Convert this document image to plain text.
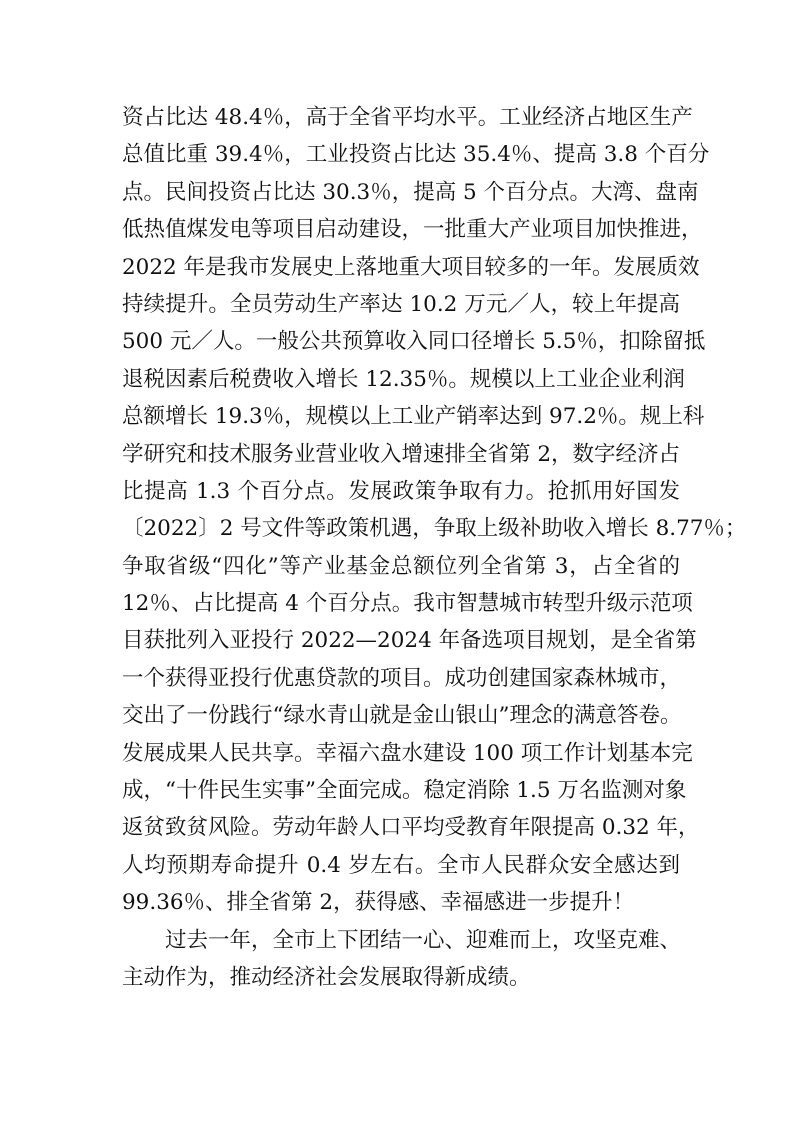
资占比达 48.4％，高于全省平均水平。工业经济占地区生产
总值比重 39.4％，工业投资占比达 35.4％、提高 3.8 个百分
点。民间投资占比达 30.3％，提高 5 个百分点。大湾、盘南
低热值煤发电等项目启动建设，一批重大产业项目加快推进，
2022 年是我市发展史上落地重大项目较多的一年。发展质效
持续提升。全员劳动生产率达 10.2 万元／人，较上年提高
500 元／人。一般公共预算收入同口径增长 5.5％，扣除留抵
退税因素后税费收入增长 12.35％。规模以上工业企业利润
总额增长 19.3％，规模以上工业产销率达到 97.2％。规上科
学研究和技术服务业营业收入增速排全省第 2，数字经济占
比提高 1.3 个百分点。发展政策争取有力。抢抓用好国发
〔2022〕2 号文件等政策机遇，争取上级补助收入增长 8.77％；
争取省级“四化”等产业基金总额位列全省第 3，占全省的
12％、占比提高 4 个百分点。我市智慧城市转型升级示范项
目获批列入亚投行 2022—2024 年备选项目规划，是全省第
一个获得亚投行优惠贷款的项目。成功创建国家森林城市，
交出了一份践行“绿水青山就是金山银山”理念的满意答卷。
发展成果人民共享。幸福六盘水建设 100 项工作计划基本完
成，“十件民生实事”全面完成。稳定消除 1.5 万名监测对象
返贫致贫风险。劳动年龄人口平均受教育年限提高 0.32 年，
人均预期寿命提升 0.4 岁左右。全市人民群众安全感达到
99.36％、排全省第 2，获得感、幸福感进一步提升！
过去一年，全市上下团结一心、迎难而上，攻坚克难、
主动作为，推动经济社会发展取得新成绩。
